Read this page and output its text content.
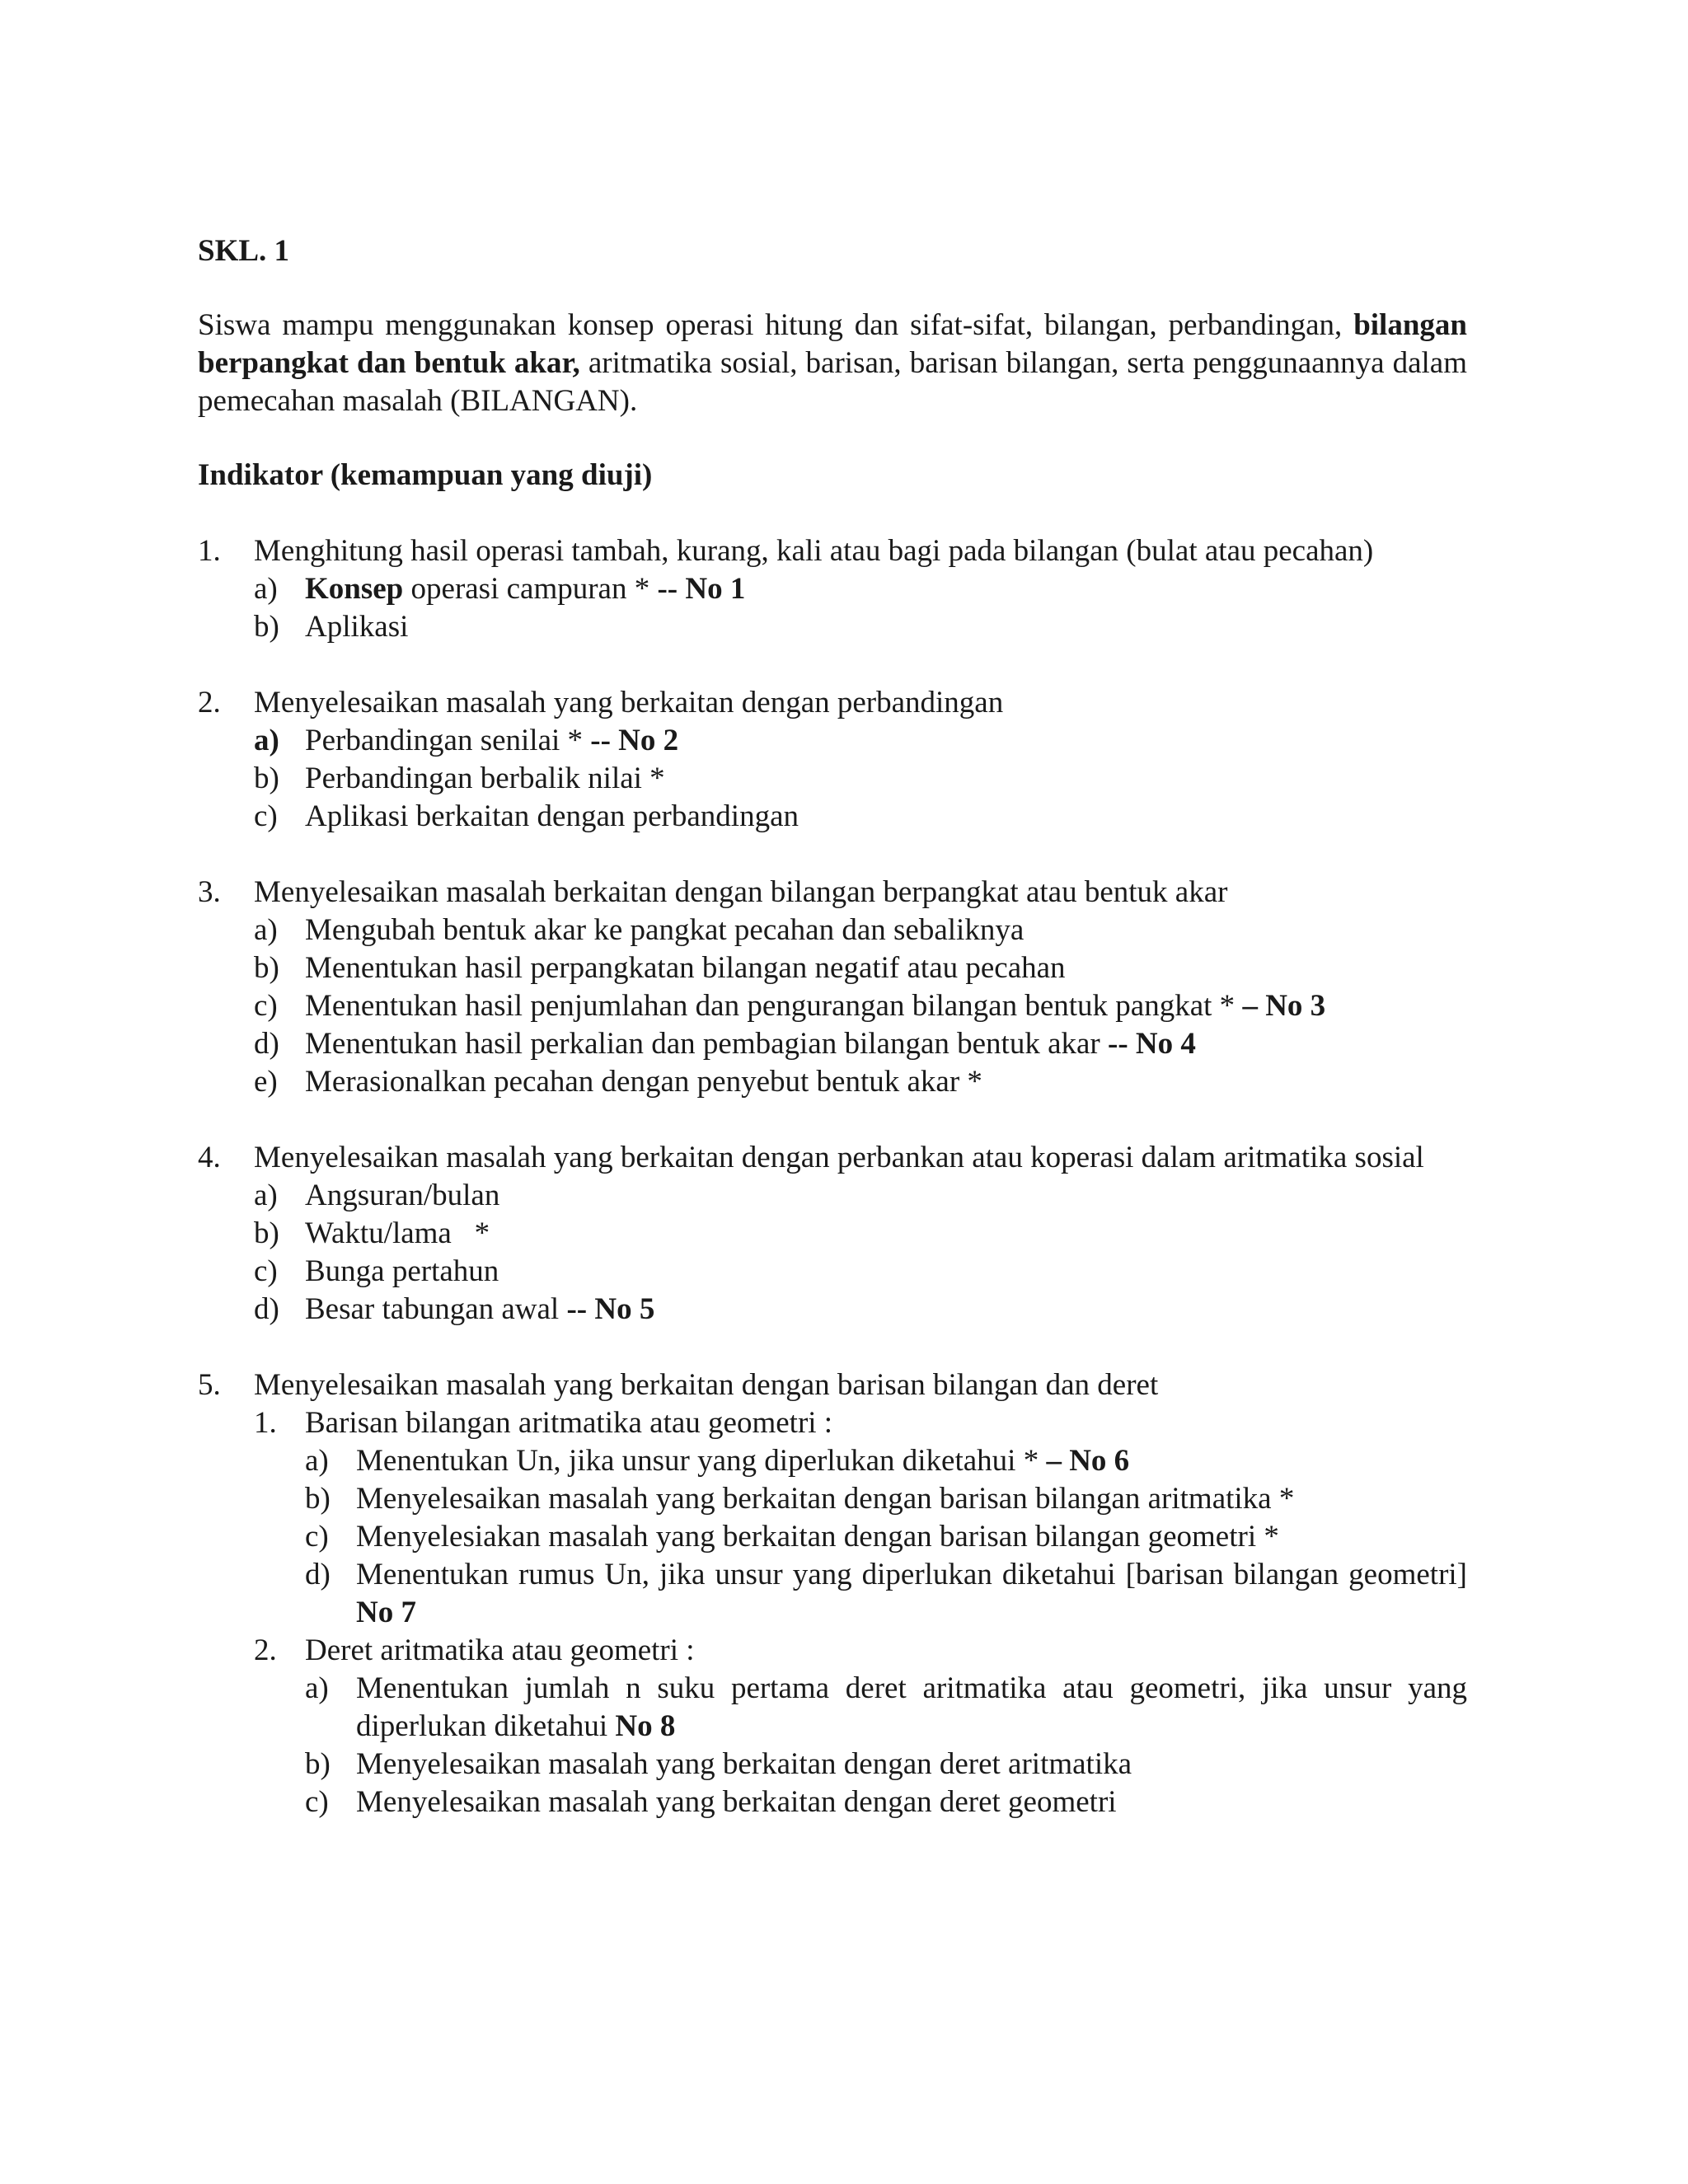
SKL. 1
Siswa mampu menggunakan konsep operasi hitung dan sifat-sifat, bilangan, perbandingan, bilangan berpangkat dan bentuk akar, aritmatika sosial, barisan, barisan bilangan, serta penggunaannya dalam pemecahan masalah (BILANGAN).
Indikator (kemampuan yang diuji)
1. Menghitung hasil operasi tambah, kurang, kali atau bagi pada bilangan (bulat atau pecahan)
a) Konsep operasi campuran * -- No 1
b) Aplikasi
2. Menyelesaikan masalah yang berkaitan dengan perbandingan
a) Perbandingan senilai * -- No 2
b) Perbandingan berbalik nilai *
c) Aplikasi berkaitan dengan perbandingan
3. Menyelesaikan masalah berkaitan dengan bilangan berpangkat atau bentuk akar
a) Mengubah bentuk akar ke pangkat pecahan dan sebaliknya
b) Menentukan hasil perpangkatan bilangan negatif atau pecahan
c) Menentukan hasil penjumlahan dan pengurangan bilangan bentuk pangkat * – No 3
d) Menentukan hasil perkalian dan pembagian bilangan bentuk akar -- No 4
e) Merasionalkan pecahan dengan penyebut bentuk akar *
4. Menyelesaikan masalah yang berkaitan dengan perbankan atau koperasi dalam aritmatika sosial
a) Angsuran/bulan
b) Waktu/lama   *
c) Bunga pertahun
d) Besar tabungan awal -- No 5
5. Menyelesaikan masalah yang berkaitan dengan barisan bilangan dan deret
1. Barisan bilangan aritmatika atau geometri :
a) Menentukan Un, jika unsur yang diperlukan diketahui * – No 6
b) Menyelesaikan masalah yang berkaitan dengan barisan bilangan aritmatika *
c) Menyelesiakan masalah yang berkaitan dengan barisan bilangan geometri *
d) Menentukan rumus Un, jika unsur yang diperlukan diketahui [barisan bilangan geometri]     No 7
2. Deret aritmatika atau geometri :
a) Menentukan jumlah n suku pertama deret aritmatika atau geometri, jika unsur yang diperlukan diketahui No 8
b) Menyelesaikan masalah yang berkaitan dengan deret aritmatika
c) Menyelesaikan masalah yang berkaitan dengan deret geometri
